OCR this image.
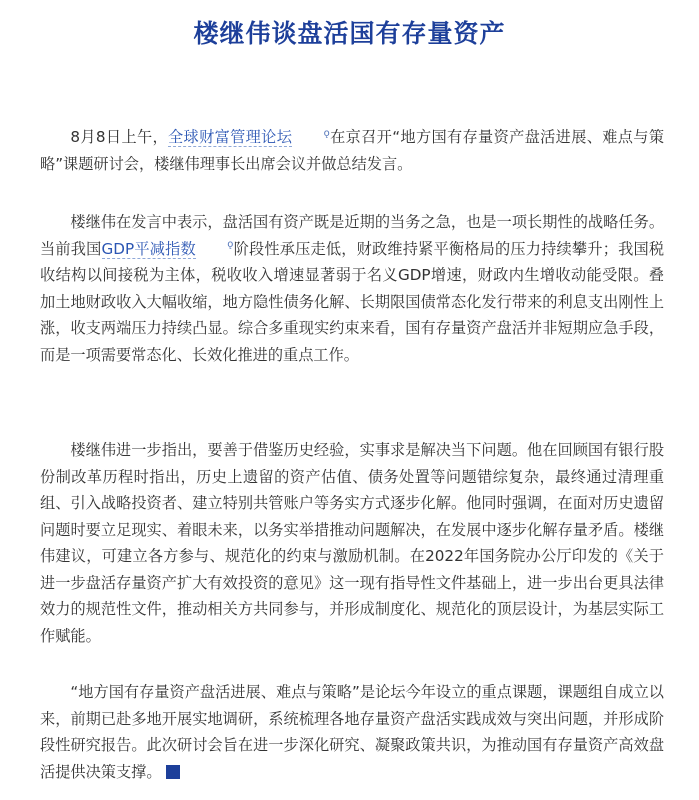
楼继伟谈盘活国有存量资产

8月8日上午，全球财富管理论坛	ǫ在京召开“地方国有存量资产盘活进展、难点与策略”课题研讨会，楼继伟理事长出席会议并做总结发言。

楼继伟在发言中表示，盘活国有资产既是近期的当务之急，也是一项长期性的战略任务。当前我国GDP平减指数	ǫ阶段性承压走低，财政维持紧平衡格局的压力持续攀升；我国税收结构以间接税为主体，税收收入增速显著弱于名义GDP增速，财政内生增收动能受限。叠加土地财政收入大幅收缩，地方隐性债务化解、长期限国债常态化发行带来的利息支出刚性上涨，收支两端压力持续凸显。综合多重现实约束来看，国有存量资产盘活并非短期应急手段，而是一项需要常态化、长效化推进的重点工作。

楼继伟进一步指出，要善于借鉴历史经验，实事求是解决当下问题。他在回顾国有银行股份制改革历程时指出，历史上遗留的资产估值、债务处置等问题错综复杂，最终通过清理重组、引入战略投资者、建立特别共管账户等务实方式逐步化解。他同时强调，在面对历史遗留问题时要立足现实、着眼未来，以务实举措推动问题解决，在发展中逐步化解存量矛盾。楼继伟建议，可建立各方参与、规范化的约束与激励机制。在2022年国务院办公厅印发的《关于进一步盘活存量资产扩大有效投资的意见》这一现有指导性文件基础上，进一步出台更具法律效力的规范性文件，推动相关方共同参与，并形成制度化、规范化的顶层设计，为基层实际工作赋能。

“地方国有存量资产盘活进展、难点与策略”是论坛今年设立的重点课题，课题组自成立以来，前期已赴多地开展实地调研，系统梳理各地存量资产盘活实践成效与突出问题，并形成阶段性研究报告。此次研讨会旨在进一步深化研究、凝聚政策共识，为推动国有存量资产高效盘活提供决策支撑。
